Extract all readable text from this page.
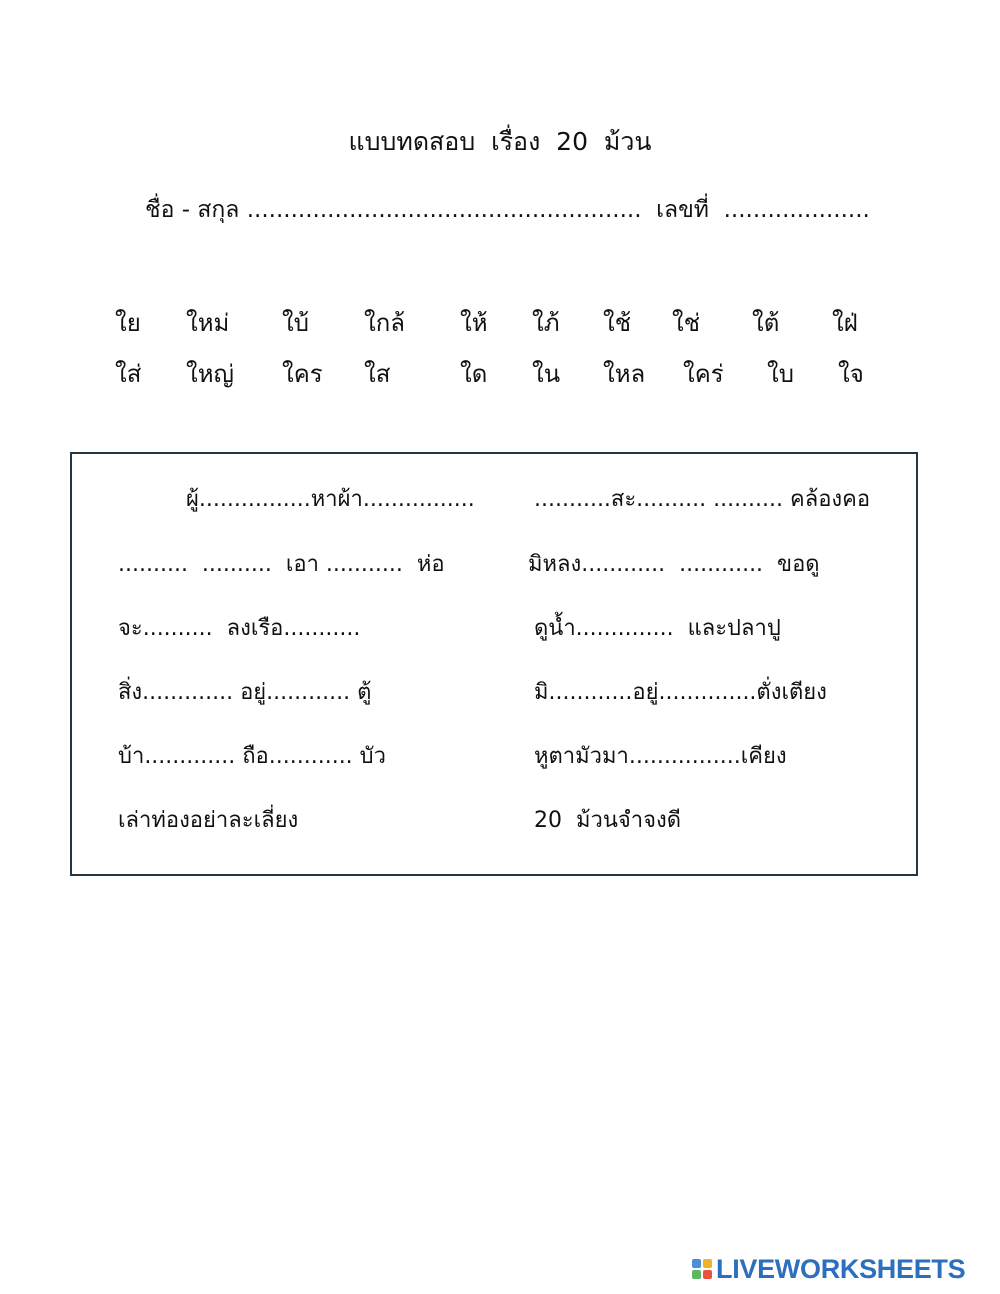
แบบทดสอบ  เรื่อง  20  ม้วน
ชื่อ - สกุล ......................................................  เลขที่  ....................
ใย ใหม่ ใบ้ ใกล้ ให้ ใภ้ ใช้ ใช่ ใต้ ใฝ่
ใส่ ใหญ่ ใคร ใส	ใด ใน ใหล ใคร่ ใบ ใจ
ผู้................หาผ้า................
..........  ..........  เอา ...........  ห่อ
จะ..........  ลงเรือ...........
สิ่ง............. อยู่............ ตู้
บ้า............. ถือ............ บัว
เล่าท่องอย่าละเลี่ยง
...........สะ.......... .......... คล้องคอ
มิหลง............  ............  ขอดู
ดูน้ำ..............  และปลาปู
มิ............อยู่..............ตั่งเตียง
หูตามัวมา................เคียง
20  ม้วนจำจงดี
LIVEWORKSHEETS
